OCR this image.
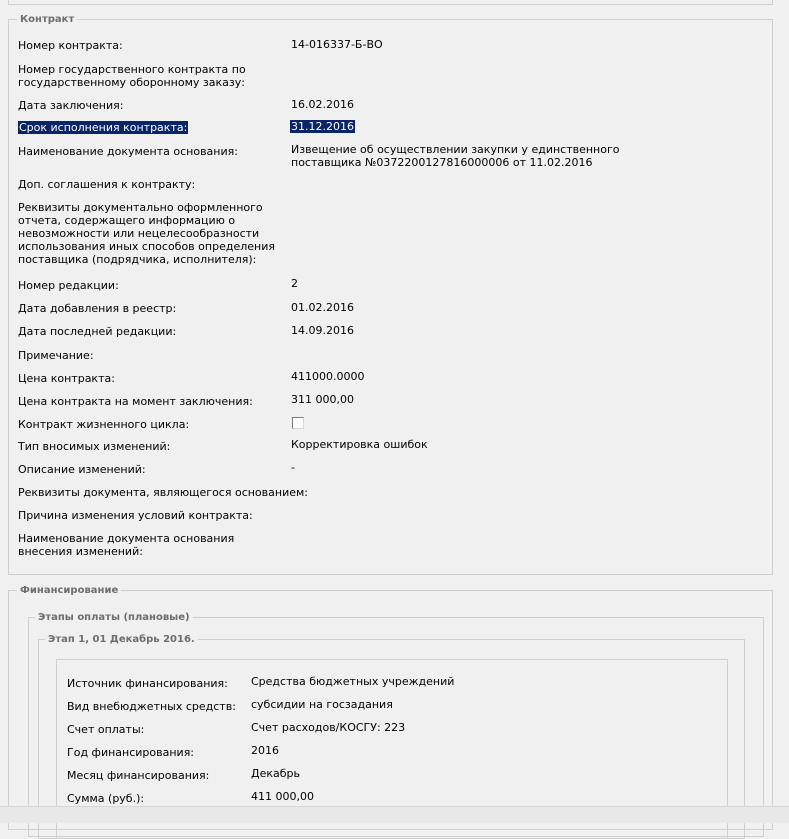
Контракт
Номер контракта:	14-016337-Б-ВО
Номер государственного контракта по государственному оборонному заказу:
Дата заключения:	16.02.2016
Срок исполнения контракта:	31.12.2016
Наименование документа основания:	Извещение об осуществлении закупки у единственного поставщика №0372200127816000006 от 11.02.2016
Доп. соглашения к контракту:
Реквизиты документально оформленного отчета, содержащего информацию о невозможности или нецелесообразности использования иных способов определения поставщика (подрядчика, исполнителя):
Номер редакции:	2
Дата добавления в реестр:	01.02.2016
Дата последней редакции:	14.09.2016
Примечание:
Цена контракта:	411000.0000
Цена контракта на момент заключения:	311 000,00
Контракт жизненного цикла:
Тип вносимых изменений:	Корректировка ошибок
Описание изменений:	-
Реквизиты документа, являющегося основанием:
Причина изменения условий контракта:
Наименование документа основания внесения изменений:
Финансирование
Этапы оплаты (плановые)
Этап 1, 01 Декабрь 2016.
Источник финансирования:	Средства бюджетных учреждений
Вид внебюджетных средств:	субсидии на госзадания
Счет оплаты:	Счет расходов/КОСГУ: 223
Год финансирования:	2016
Месяц финансирования:	Декабрь
Сумма (руб.):	411 000,00
